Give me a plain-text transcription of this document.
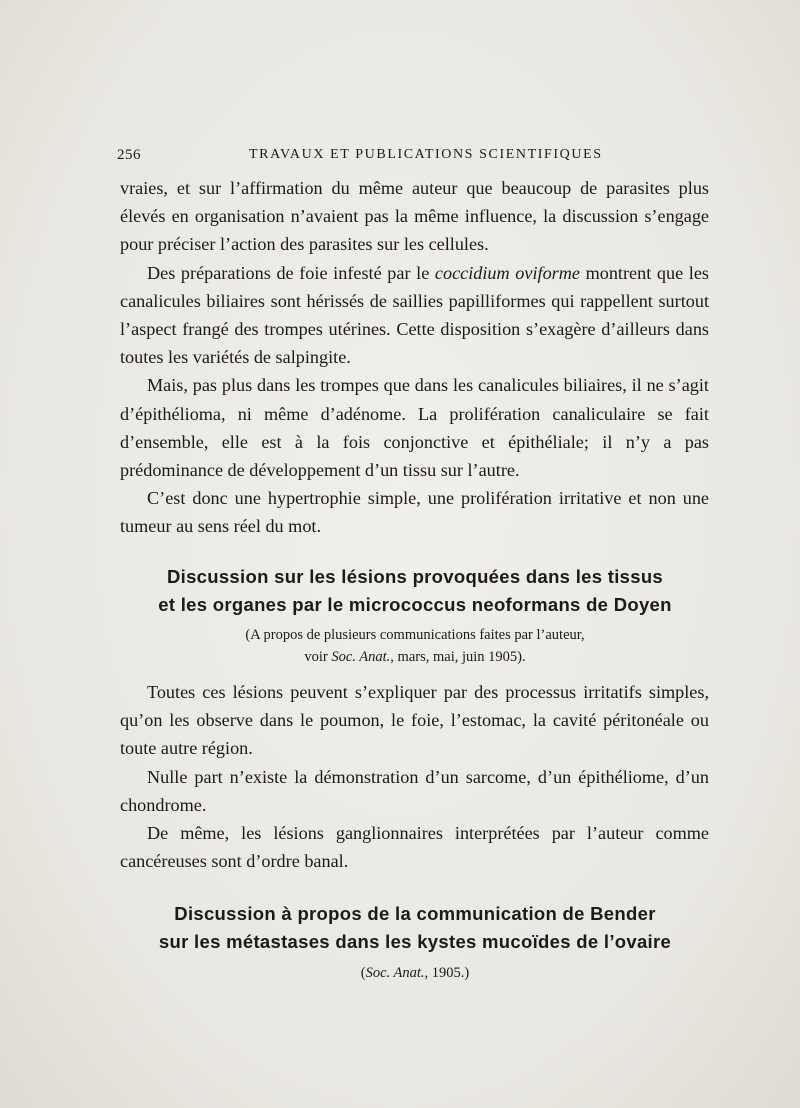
256	TRAVAUX ET PUBLICATIONS SCIENTIFIQUES

vraies, et sur l’affirmation du même auteur que beaucoup de parasites plus élevés en organisation n’avaient pas la même influence, la discussion s’engage pour préciser l’action des parasites sur les cellules.

Des préparations de foie infesté par le coccidium oviforme montrent que les canalicules biliaires sont hérissés de saillies papilliformes qui rappellent surtout l’aspect frangé des trompes utérines. Cette disposition s’exagère d’ailleurs dans toutes les variétés de salpingite.

Mais, pas plus dans les trompes que dans les canalicules biliaires, il ne s’agit d’épithélioma, ni même d’adénome. La prolifération canaliculaire se fait d’ensemble, elle est à la fois conjonctive et épithéliale; il n’y a pas prédominance de développement d’un tissu sur l’autre.

C’est donc une hypertrophie simple, une prolifération irritative et non une tumeur au sens réel du mot.

Discussion sur les lésions provoquées dans les tissus
et les organes par le micrococcus neoformans de Doyen
(A propos de plusieurs communications faites par l’auteur,
voir Soc. Anat., mars, mai, juin 1905).

Toutes ces lésions peuvent s’expliquer par des processus irritatifs simples, qu’on les observe dans le poumon, le foie, l’estomac, la cavité péritonéale ou toute autre région.

Nulle part n’existe la démonstration d’un sarcome, d’un épithéliome, d’un chondrome.

De même, les lésions ganglionnaires interprétées par l’auteur comme cancéreuses sont d’ordre banal.

Discussion à propos de la communication de Bender
sur les métastases dans les kystes mucoïdes de l’ovaire
(Soc. Anat., 1905.)
